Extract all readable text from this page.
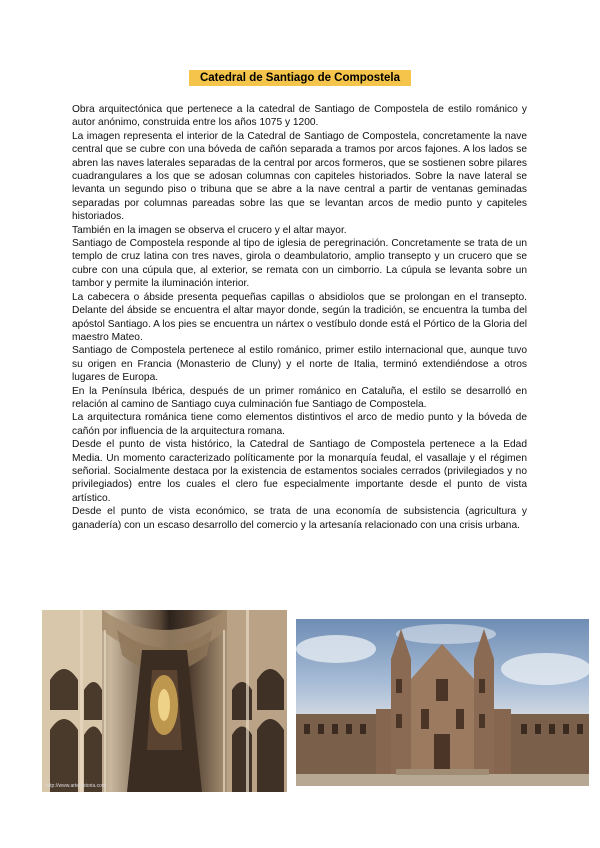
Catedral de Santiago de Compostela

Obra arquitectónica que pertenece a la catedral de Santiago de Compostela de estilo románico y autor anónimo, construida entre los años 1075 y 1200.

La imagen representa el interior de la Catedral de Santiago de Compostela, concretamente la nave central que se cubre con una bóveda de cañón separada a tramos por arcos fajones. A los lados se abren las naves laterales separadas de la central por arcos formeros, que se sostienen sobre pilares cuadrangulares a los que se adosan columnas con capiteles historiados. Sobre la nave lateral se levanta un segundo piso o tribuna que se abre a la nave central a partir de ventanas geminadas separadas por columnas pareadas sobre las que se levantan arcos de medio punto y capiteles historiados.

También en la imagen se observa el crucero y el altar mayor.

Santiago de Compostela responde al tipo de iglesia de peregrinación. Concretamente se trata de un templo de cruz latina con tres naves, girola o deambulatorio, amplio transepto y un crucero que se cubre con una cúpula que, al exterior, se remata con un cimborrio. La cúpula se levanta sobre un tambor y permite la iluminación interior.

La cabecera o ábside presenta pequeñas capillas o absidiolos que se prolongan en el transepto. Delante del ábside se encuentra el altar mayor donde, según la tradición, se encuentra la tumba del apóstol Santiago. A los pies se encuentra un nártex o vestíbulo donde está el Pórtico de la Gloria del maestro Mateo.

Santiago de Compostela pertenece al estilo románico, primer estilo internacional que, aunque tuvo su origen en Francia (Monasterio de Cluny) y el norte de Italia, terminó extendiéndose a otros lugares de Europa.

En la Península Ibérica, después de un primer románico en Cataluña, el estilo se desarrolló en relación al camino de Santiago cuya culminación fue Santiago de Compostela.

La arquitectura románica tiene como elementos distintivos el arco de medio punto y la bóveda de cañón por influencia de la arquitectura romana.

Desde el punto de vista histórico, la Catedral de Santiago de Compostela pertenece a la Edad Media. Un momento caracterizado políticamente por la monarquía feudal, el vasallaje y el régimen señorial. Socialmente destaca por la existencia de estamentos sociales cerrados (privilegiados y no privilegiados) entre los cuales el clero fue especialmente importante desde el punto de vista artístico.

Desde el punto de vista económico, se trata de una economía de subsistencia (agricultura y ganadería) con un escaso desarrollo del comercio y la artesanía relacionado con una crisis urbana.

http://www.artehistoria.com
